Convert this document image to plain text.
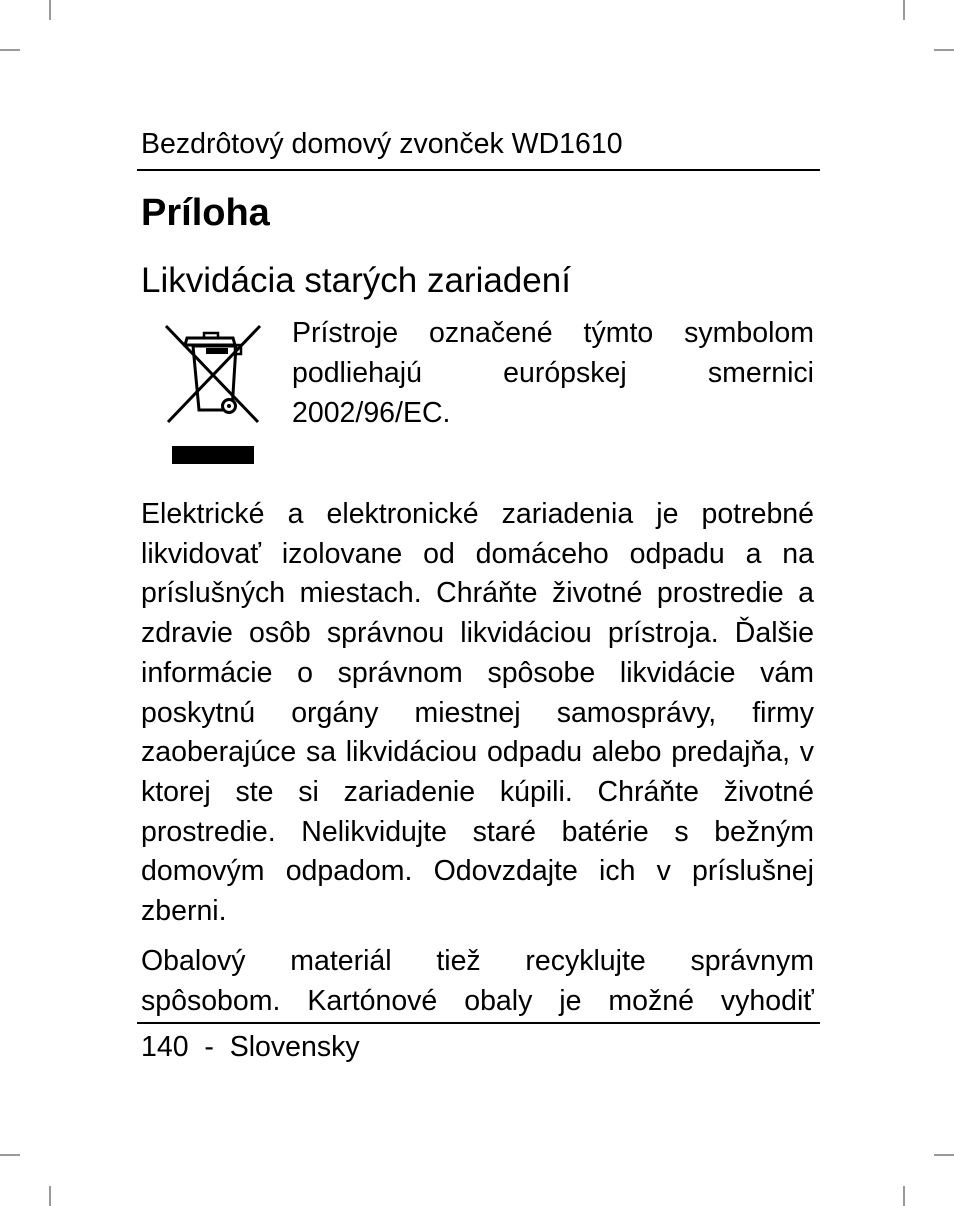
Bezdrôtový domový zvonček WD1610
Príloha
Likvidácia starých zariadení

Prístroje označené týmto symbolom podliehajú európskej smernici 2002/96/EC.

Elektrické a elektronické zariadenia je potrebné likvidovať izolovane od domáceho odpadu a na príslušných miestach. Chráňte životné prostredie a zdravie osôb správnou likvidáciou prístroja. Ďalšie informácie o správnom spôsobe likvidácie vám poskytnú orgány miestnej samosprávy, firmy zaoberajúce sa likvidáciou odpadu alebo predajňa, v ktorej ste si zariadenie kúpili. Chráňte životné prostredie. Nelikvidujte staré batérie s bežným domovým odpadom. Odovzdajte ich v príslušnej zberni.

Obalový materiál tiež recyklujte správnym spôsobom. Kartónové obaly je možné vyhodiť

140  -  Slovensky
